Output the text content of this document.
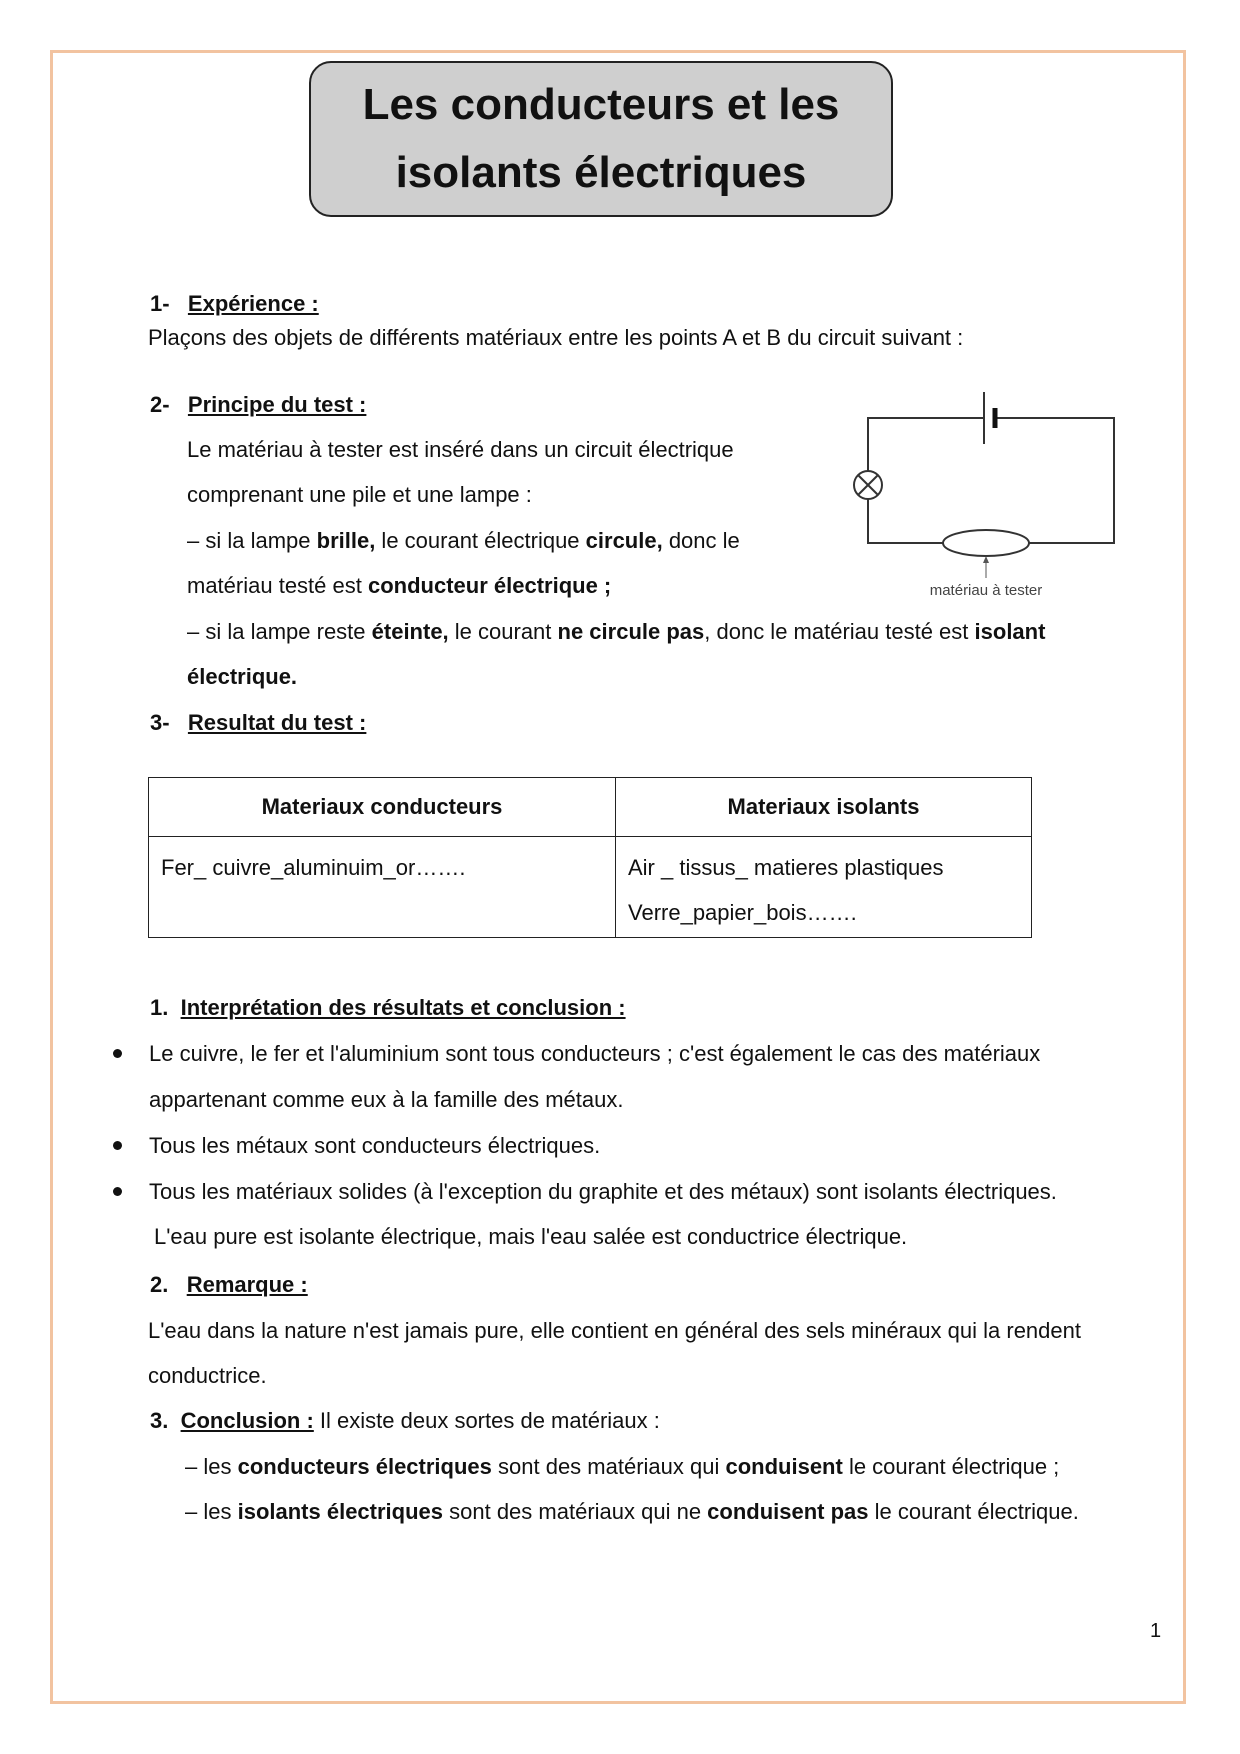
Les conducteurs et les
isolants électriques
1- Expérience :
Plaçons des objets de différents matériaux entre les points A et B du circuit suivant :
2- Principe du test :
Le matériau à tester est inséré dans un circuit électrique
comprenant une pile et une lampe :
– si la lampe brille, le courant électrique circule, donc le
matériau testé est conducteur électrique ;
– si la lampe reste éteinte, le courant ne circule pas, donc le matériau testé est isolant
électrique.
matériau à tester
3- Resultat du test :
Materiaux conducteurs	Materiaux isolants
Fer_ cuivre_aluminuim_or…….	Air _ tissus_ matieres plastiques
Verre_papier_bois…….
1. Interprétation des résultats et conclusion :
Le cuivre, le fer et l'aluminium sont tous conducteurs ; c'est également le cas des matériaux
appartenant comme eux à la famille des métaux.
Tous les métaux sont conducteurs électriques.
Tous les matériaux solides (à l'exception du graphite et des métaux) sont isolants électriques.
L'eau pure est isolante électrique, mais l'eau salée est conductrice électrique.
2. Remarque :
L'eau dans la nature n'est jamais pure, elle contient en général des sels minéraux qui la rendent
conductrice.
3. Conclusion : Il existe deux sortes de matériaux :
– les conducteurs électriques sont des matériaux qui conduisent le courant électrique ;
– les isolants électriques sont des matériaux qui ne conduisent pas le courant électrique.
1
